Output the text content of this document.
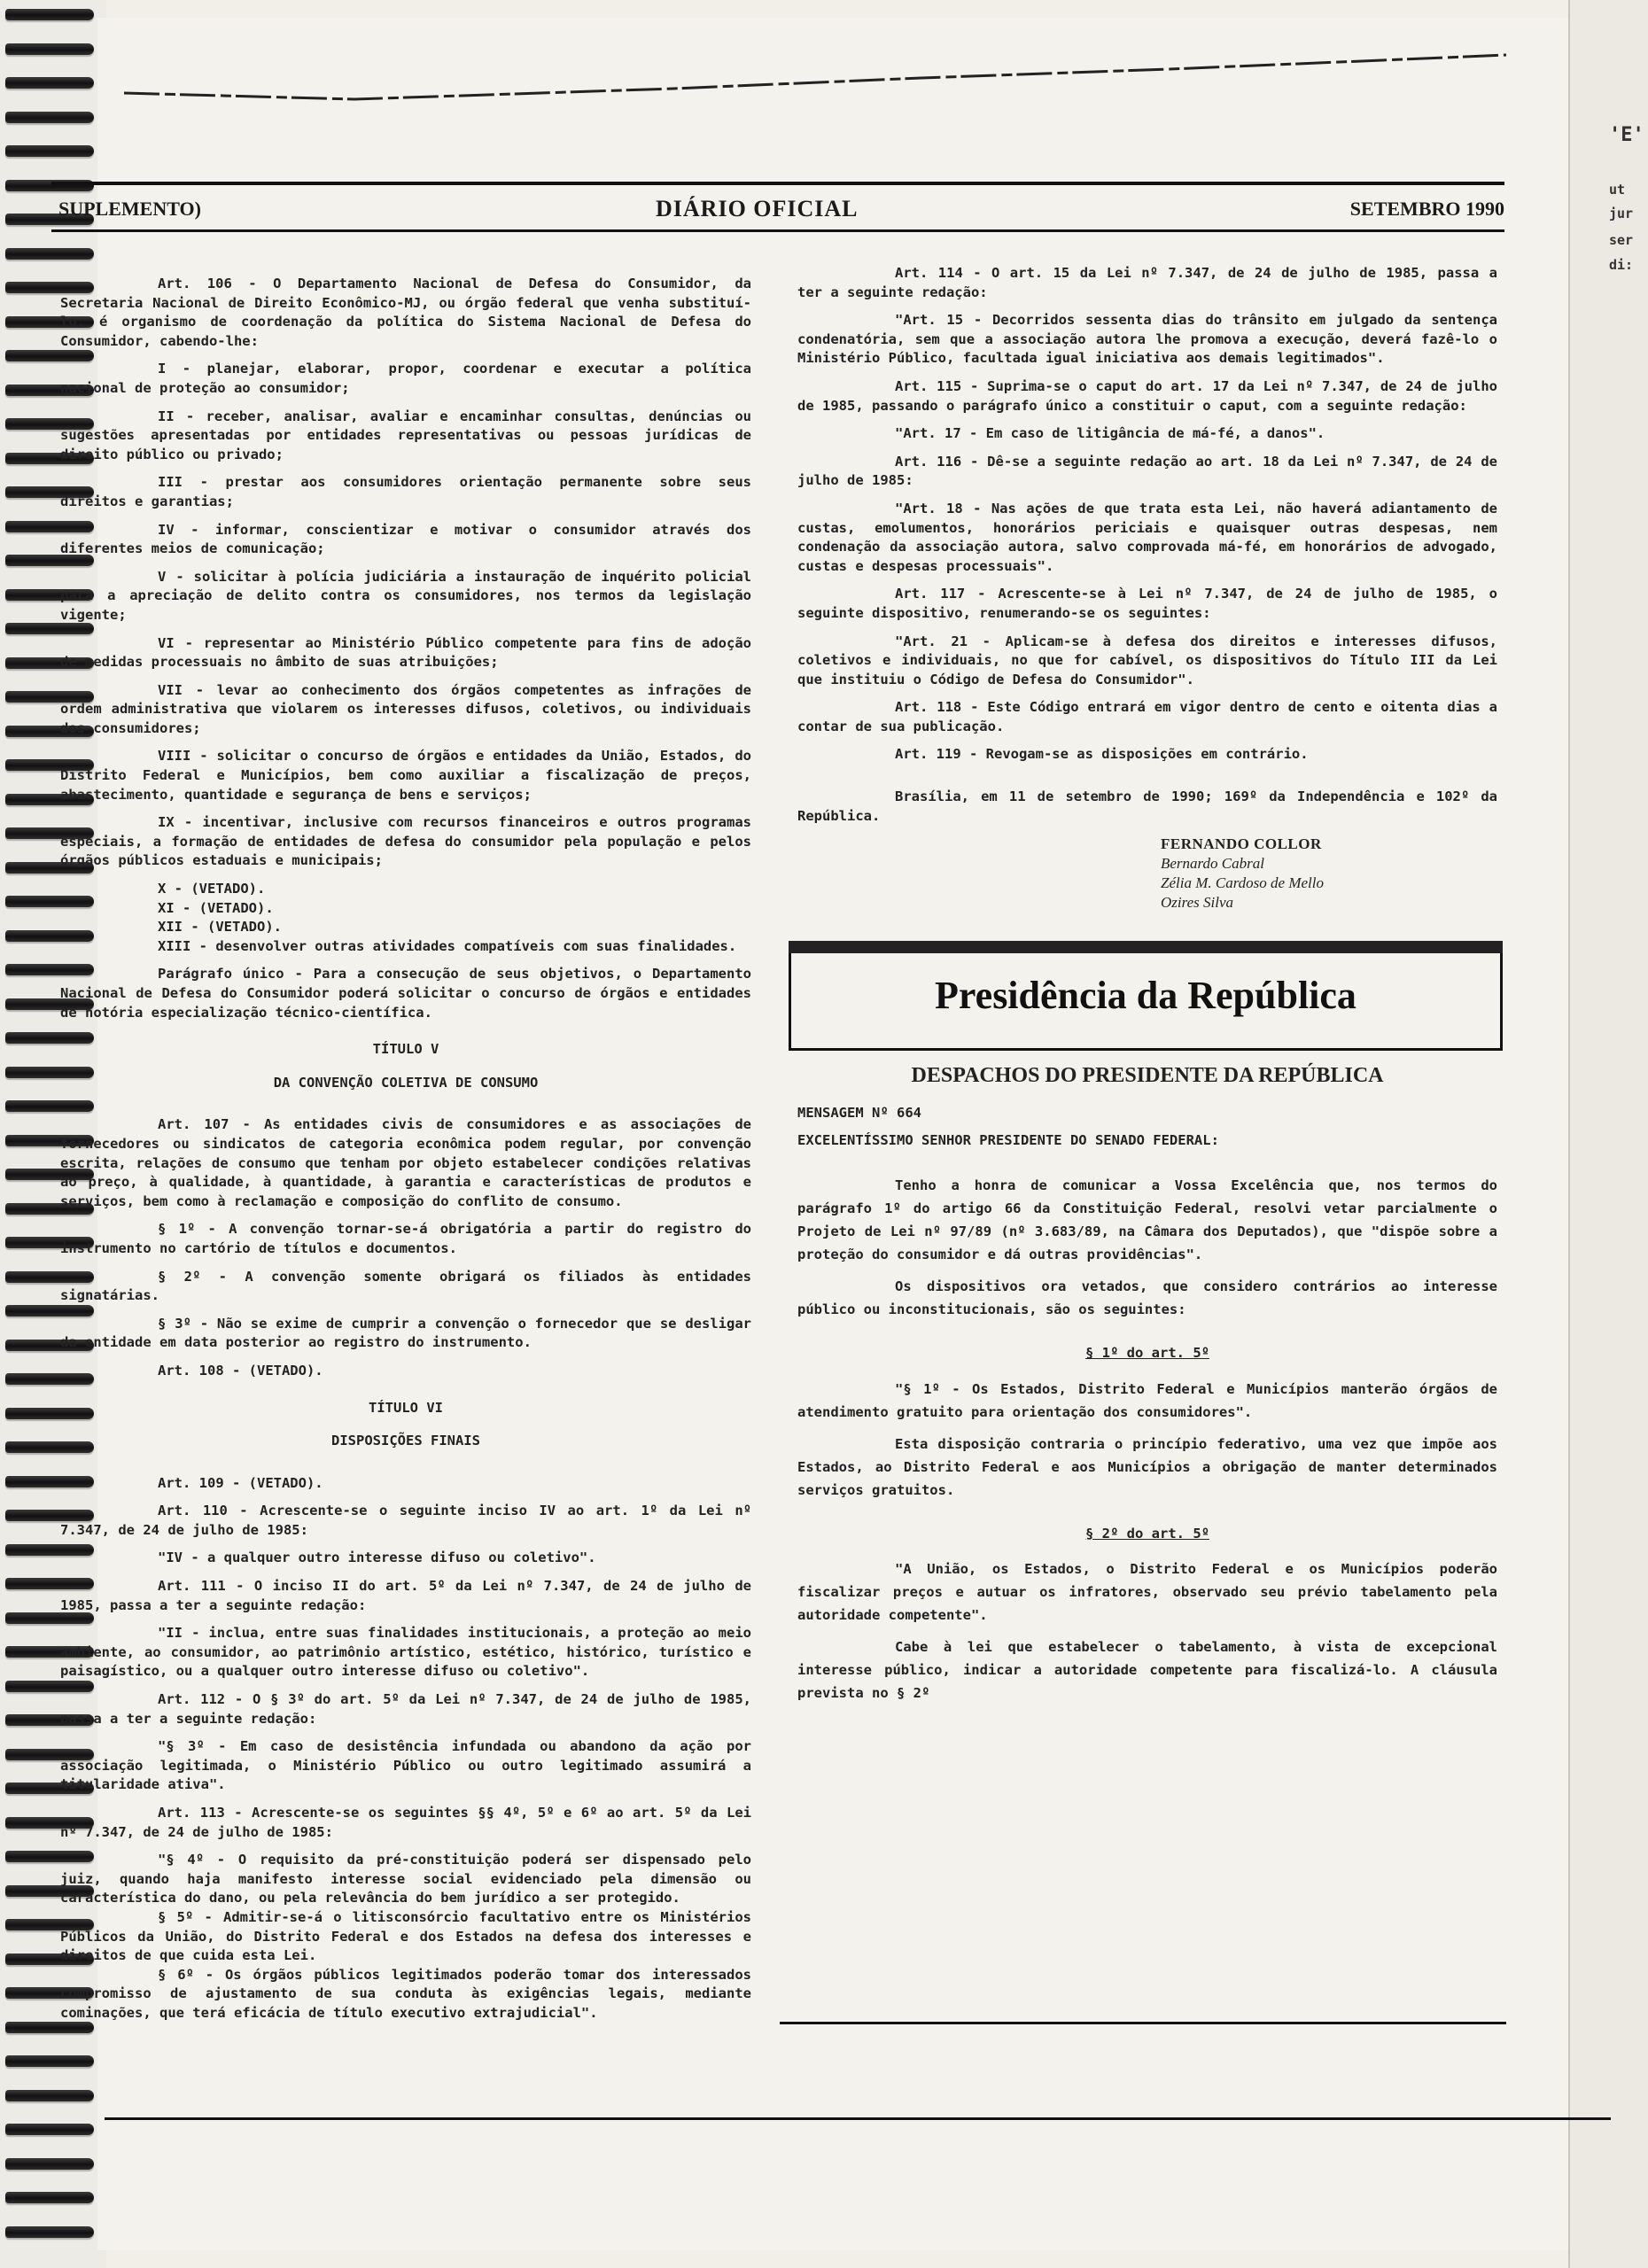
'E'
ut
jur
ser
di:
SUPLEMENTO)	DIÁRIO OFICIAL	SETEMBRO 1990

Art. 106 - O Departamento Nacional de Defesa do Consumidor, da Secretaria Nacional de Direito Econômico-MJ, ou órgão federal que venha substituí-lo, é organismo de coordenação da política do Sistema Nacional de Defesa do Consumidor, cabendo-lhe:

I - planejar, elaborar, propor, coordenar e executar a política nacional de proteção ao consumidor;

II - receber, analisar, avaliar e encaminhar consultas, denúncias ou sugestões apresentadas por entidades representativas ou pessoas jurídicas de direito público ou privado;

III - prestar aos consumidores orientação permanente sobre seus direitos e garantias;

IV - informar, conscientizar e motivar o consumidor através dos diferentes meios de comunicação;

V - solicitar à polícia judiciária a instauração de inquérito policial para a apreciação de delito contra os consumidores, nos termos da legislação vigente;

VI - representar ao Ministério Público competente para fins de adoção de medidas processuais no âmbito de suas atribuições;

VII - levar ao conhecimento dos órgãos competentes as infrações de ordem administrativa que violarem os interesses difusos, coletivos, ou individuais dos consumidores;

VIII - solicitar o concurso de órgãos e entidades da União, Estados, do Distrito Federal e Municípios, bem como auxiliar a fiscalização de preços, abastecimento, quantidade e segurança de bens e serviços;

IX - incentivar, inclusive com recursos financeiros e outros programas especiais, a formação de entidades de defesa do consumidor pela população e pelos órgãos públicos estaduais e municipais;

X - (VETADO).

XI - (VETADO).

XII - (VETADO).

XIII - desenvolver outras atividades compatíveis com suas finalidades.

Parágrafo único - Para a consecução de seus objetivos, o Departamento Nacional de Defesa do Consumidor poderá solicitar o concurso de órgãos e entidades de notória especialização técnico-científica.

TÍTULO V

DA CONVENÇÃO COLETIVA DE CONSUMO

Art. 107 - As entidades civis de consumidores e as associações de fornecedores ou sindicatos de categoria econômica podem regular, por convenção escrita, relações de consumo que tenham por objeto estabelecer condições relativas ao preço, à qualidade, à quantidade, à garantia e características de produtos e serviços, bem como à reclamação e composição do conflito de consumo.

§ 1º - A convenção tornar-se-á obrigatória a partir do registro do instrumento no cartório de títulos e documentos.

§ 2º - A convenção somente obrigará os filiados às entidades signatárias.

§ 3º - Não se exime de cumprir a convenção o fornecedor que se desligar da entidade em data posterior ao registro do instrumento.

Art. 108 - (VETADO).

TÍTULO VI

DISPOSIÇÕES FINAIS

Art. 109 - (VETADO).

Art. 110 - Acrescente-se o seguinte inciso IV ao art. 1º da Lei nº 7.347, de 24 de julho de 1985:

"IV - a qualquer outro interesse difuso ou coletivo".

Art. 111 - O inciso II do art. 5º da Lei nº 7.347, de 24 de julho de 1985, passa a ter a seguinte redação:

"II - inclua, entre suas finalidades institucionais, a proteção ao meio ambiente, ao consumidor, ao patrimônio artístico, estético, histórico, turístico e paisagístico, ou a qualquer outro interesse difuso ou coletivo".

Art. 112 - O § 3º do art. 5º da Lei nº 7.347, de 24 de julho de 1985, passa a ter a seguinte redação:

"§ 3º - Em caso de desistência infundada ou abandono da ação por associação legitimada, o Ministério Público ou outro legitimado assumirá a titularidade ativa".

Art. 113 - Acrescente-se os seguintes §§ 4º, 5º e 6º ao art. 5º da Lei nº 7.347, de 24 de julho de 1985:

"§ 4º - O requisito da pré-constituição poderá ser dispensado pelo juiz, quando haja manifesto interesse social evidenciado pela dimensão ou característica do dano, ou pela relevância do bem jurídico a ser protegido.

§ 5º - Admitir-se-á o litisconsórcio facultativo entre os Ministérios Públicos da União, do Distrito Federal e dos Estados na defesa dos interesses e direitos de que cuida esta Lei.

§ 6º - Os órgãos públicos legitimados poderão tomar dos interessados compromisso de ajustamento de sua conduta às exigências legais, mediante cominações, que terá eficácia de título executivo extrajudicial".

Art. 114 - O art. 15 da Lei nº 7.347, de 24 de julho de 1985, passa a ter a seguinte redação:

"Art. 15 - Decorridos sessenta dias do trânsito em julgado da sentença condenatória, sem que a associação autora lhe promova a execução, deverá fazê-lo o Ministério Público, facultada igual iniciativa aos demais legitimados".

Art. 115 - Suprima-se o caput do art. 17 da Lei nº 7.347, de 24 de julho de 1985, passando o parágrafo único a constituir o caput, com a seguinte redação:

"Art. 17 - Em caso de litigância de má-fé, a danos".

Art. 116 - Dê-se a seguinte redação ao art. 18 da Lei nº 7.347, de 24 de julho de 1985:

"Art. 18 - Nas ações de que trata esta Lei, não haverá adiantamento de custas, emolumentos, honorários periciais e quaisquer outras despesas, nem condenação da associação autora, salvo comprovada má-fé, em honorários de advogado, custas e despesas processuais".

Art. 117 - Acrescente-se à Lei nº 7.347, de 24 de julho de 1985, o seguinte dispositivo, renumerando-se os seguintes:

"Art. 21 - Aplicam-se à defesa dos direitos e interesses difusos, coletivos e individuais, no que for cabível, os dispositivos do Título III da Lei que instituiu o Código de Defesa do Consumidor".

Art. 118 - Este Código entrará em vigor dentro de cento e oitenta dias a contar de sua publicação.

Art. 119 - Revogam-se as disposições em contrário.

Brasília, em 11 de setembro de 1990; 169º da Independência e 102º da República.

FERNANDO COLLOR
Bernardo Cabral
Zélia M. Cardoso de Mello
Ozires Silva
Presidência da República
DESPACHOS DO PRESIDENTE DA REPÚBLICA

MENSAGEM Nº 664

EXCELENTÍSSIMO SENHOR PRESIDENTE DO SENADO FEDERAL:

Tenho a honra de comunicar a Vossa Excelência que, nos termos do parágrafo 1º do artigo 66 da Constituição Federal, resolvi vetar parcialmente o Projeto de Lei nº 97/89 (nº 3.683/89, na Câmara dos Deputados), que "dispõe sobre a proteção do consumidor e dá outras providências".

Os dispositivos ora vetados, que considero contrários ao interesse público ou inconstitucionais, são os seguintes:

§ 1º do art. 5º

"§ 1º - Os Estados, Distrito Federal e Municípios manterão órgãos de atendimento gratuito para orientação dos consumidores".

Esta disposição contraria o princípio federativo, uma vez que impõe aos Estados, ao Distrito Federal e aos Municípios a obrigação de manter determinados serviços gratuitos.

§ 2º do art. 5º

"A União, os Estados, o Distrito Federal e os Municípios poderão fiscalizar preços e autuar os infratores, observado seu prévio tabelamento pela autoridade competente".

Cabe à lei que estabelecer o tabelamento, à vista de excepcional interesse público, indicar a autoridade competente para fiscalizá-lo. A cláusula prevista no § 2º
